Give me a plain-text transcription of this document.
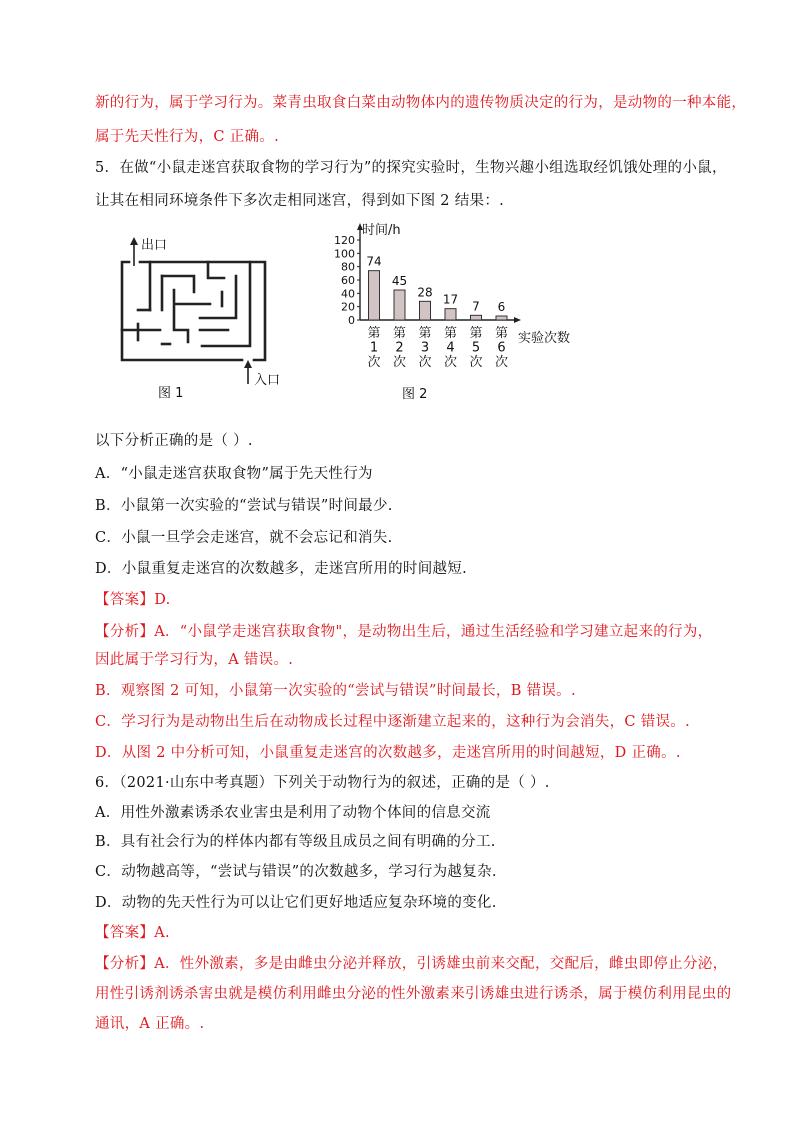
新的行为，属于学习行为。菜青虫取食白菜由动物体内的遗传物质决定的行为，是动物的一种本能，
属于先天性行为，C 正确。.
5．在做“小鼠走迷宫获取食物的学习行为”的探究实验时，生物兴趣小组选取经饥饿处理的小鼠，
让其在相同环境条件下多次走相同迷宫，得到如下图 2 结果：.
出口
入口
图 1
时间/h
实验次数
图 2
120
100
80
60
40
20
0
74
第
1
次
45
第
2
次
28
第
3
次
17
第
4
次
7
第
5
次
6
第
6
次
以下分析正确的是（ ）.
A．“小鼠走迷宫获取食物”属于先天性行为
B．小鼠第一次实验的“尝试与错误”时间最少.
C．小鼠一旦学会走迷宫，就不会忘记和消失.
D．小鼠重复走迷宫的次数越多，走迷宫所用的时间越短.
【答案】D.
【分析】A．“小鼠学走迷宫获取食物"，是动物出生后，通过生活经验和学习建立起来的行为，
因此属于学习行为，A 错误。.
B．观察图 2 可知，小鼠第一次实验的“尝试与错误”时间最长，B 错误。.
C．学习行为是动物出生后在动物成长过程中逐渐建立起来的，这种行为会消失，C 错误。.
D．从图 2 中分析可知，小鼠重复走迷宫的次数越多，走迷宫所用的时间越短，D 正确。.
6．（2021·山东中考真题）下列关于动物行为的叙述，正确的是（ ）.
A．用性外激素诱杀农业害虫是利用了动物个体间的信息交流
B．具有社会行为的样体内都有等级且成员之间有明确的分工.
C．动物越高等，“尝试与错误”的次数越多，学习行为越复杂.
D．动物的先天性行为可以让它们更好地适应复杂环境的变化.
【答案】A.
【分析】A．性外激素，多是由雌虫分泌并释放，引诱雄虫前来交配，交配后，雌虫即停止分泌，
用性引诱剂诱杀害虫就是模仿利用雌虫分泌的性外激素来引诱雄虫进行诱杀，属于模仿利用昆虫的
通讯，A 正确。.
